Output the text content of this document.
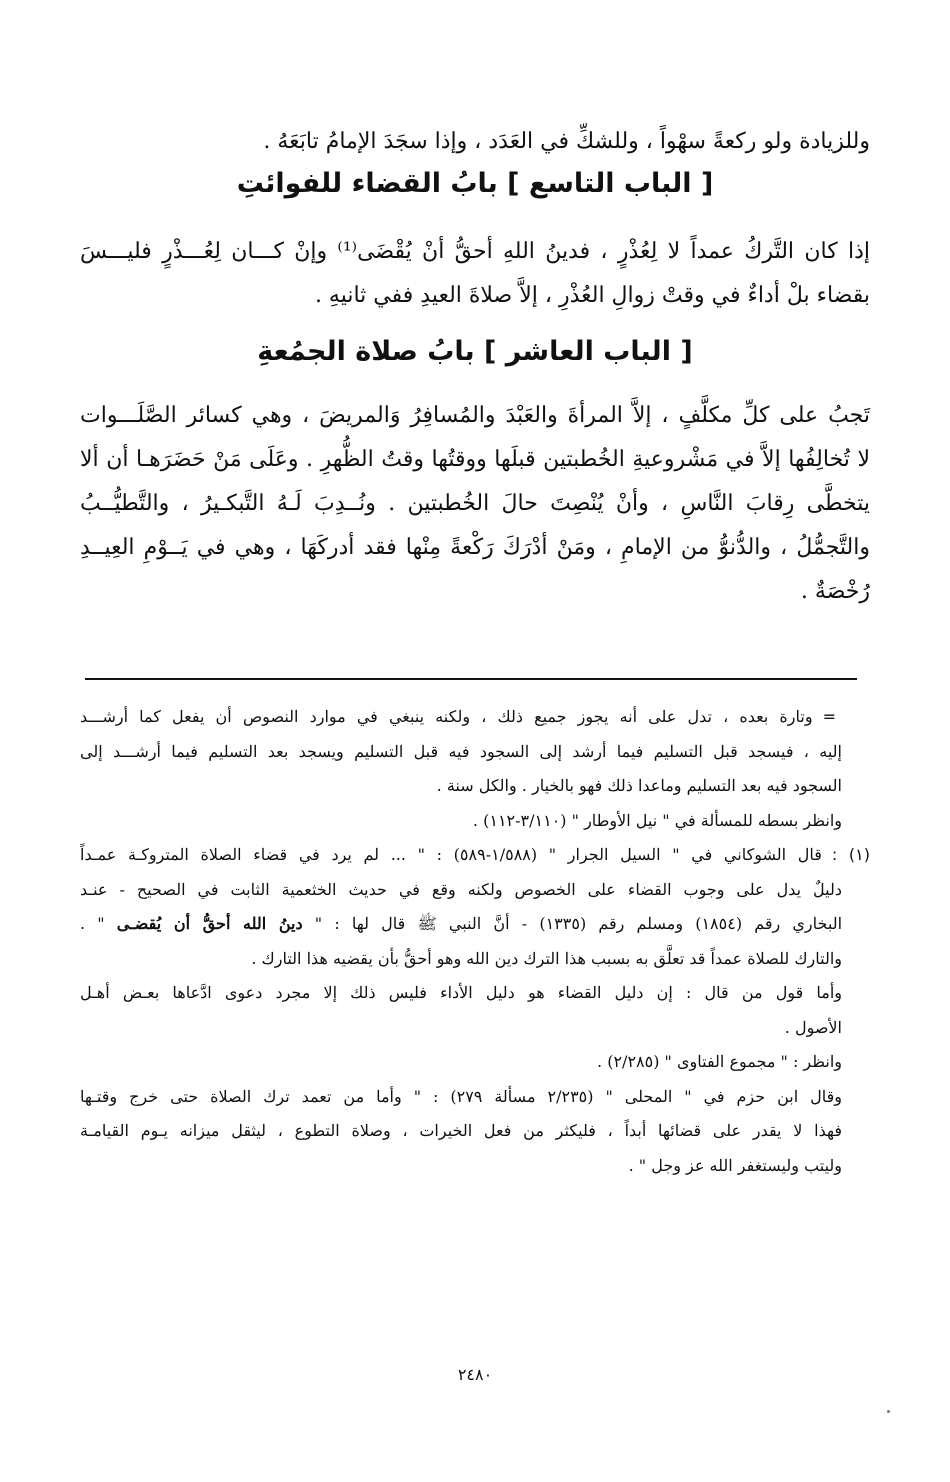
وللزيادة ولو ركعةً سهْواً ، وللشكِّ في العَدَد ، وإذا سجَدَ الإمامُ تابَعَهُ .

[ الباب التاسع ] بابُ القضاء للفوائتِ

إذا كان التَّركُ عمداً لا لِعُذْرٍ ، فدينُ اللهِ أحقُّ أنْ يُقْضَى⁽¹⁾ وإنْ كـــان لِعُـــذْرٍ فليـــسَ
بقضاء بلْ أداءٌ في وقتْ زوالِ العُذْرِ ، إلاَّ صلاةَ العيدِ ففي ثانيهِ .

[ الباب العاشر ] بابُ صلاة الجمُعةِ

تَجبُ على كلِّ مكلَّفٍ ، إلاَّ المرأةَ والعَبْدَ والمُسافِرُ وَالمريضَ ، وهي كسائر الصَّلَـــوات
لا تُخالِفُها إلاَّ في مَشْروعيةِ الخُطبتين قبلَها ووقتُها وقتُ الظُّهرِ . وعَلَى مَنْ حَضَرَهـا أن ألا
يتخطَّى رِقابَ النَّاسِ ، وأنْ يُنْصِتَ حالَ الخُطبتين . ونُــدِبَ لَـهُ التَّبكـيرُ ، والتَّطيُّــبُ
والتَّجمُّلُ ، والدُّنوُّ من الإمامِ ، ومَنْ أدْرَكَ رَكْعةً مِنْها فقد أدركَهَا ، وهي في يَــوْمِ العِيــدِ
رُخْصَةٌ .

=وتارة بعده ، تدل على أنه يجوز جميع ذلك ، ولكنه ينبغي في موارد النصوص أن يفعل كما أرشـــد
إليه ، فيسجد قبل التسليم فيما أرشد إلى السجود فيه قبل التسليم ويسجد بعد التسليم فيما أرشـــد إلى
السجود فيه بعد التسليم وماعدا ذلك فهو بالخيار . والكل سنة .
وانظر بسطه للمسألة في " نيل الأوطار " (٣/١١٠-١١٢) .
(١) :قال الشوكاني في " السيل الجرار " (١/٥٨٨-٥٨٩) : " ... لم يرد في قضاء الصلاة المتروكـة عمـداً
دليلٌ يدل على وجوب القضاء على الخصوص ولكنه وقع في حديث الخثعمية الثابت في الصحيح - عنـد
البخاري رقم (١٨٥٤) ومسلم رقم (١٣٣٥) - أنَّ النبي ﷺ قال لها : " دينُ الله أحقُّ أن يُقضـى " .
والتارك للصلاة عمداً قد تعلَّق به بسبب هذا الترك دين الله وهو أحقُّ بأن يقضيه هذا التارك .
وأما قول من قال : إن دليل القضاء هو دليل الأداء فليس ذلك إلا مجرد دعوى ادَّعاها بعـض أهـل
الأصول .
وانظر : " مجموع الفتاوى " (٢/٢٨٥) .
وقال ابن حزم في " المحلى " (٢/٢٣٥ مسألة ٢٧٩) : " وأما من تعمد ترك الصلاة حتى خرج وقتـها
فهذا لا يقدر على قضائها أبداً ، فليكثر من فعل الخيرات ، وصلاة التطوع ، ليثقل ميزانه يـوم القيامـة
وليتب وليستغفر الله عز وجل " .

٢٤٨٠
